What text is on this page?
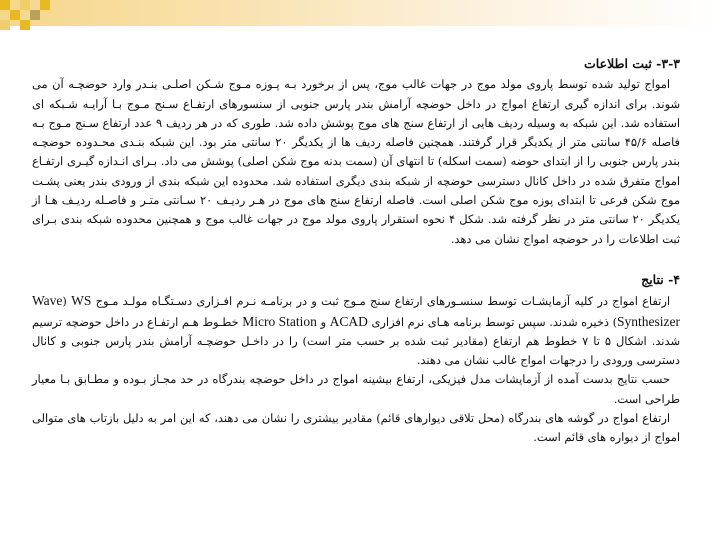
۳-۳- ثبت اطلاعات

امواج تولید شده توسط پاروی مولد موج در جهات غالب موج، پس از برخورد بـه پـوزه مـوج شـکن اصلـی بنـدر وارد حوضچـه آن می شوند. برای اندازه گیری ارتفاع امواج در داخل حوضچه آرامش بندر پارس جنوبی از سنسورهای ارتفـاع سـنج مـوج بـا آرایـه شـبکه ای استفاده شد. این شبکه به وسیله ردیف هایی از ارتفاع سنج های موج پوشش داده شد. طوری که در هر ردیف ۹ عدد ارتفاع سـنج مـوج بـه فاصله ۴۵/۶ سانتی متر از یکدیگر قرار گرفتند. همچنین فاصله ردیف ها از یکدیگر ۲۰ سانتی متر بود. این شبکه بنـدی محـدوده حوضچـه بندر پارس جنوبی را از ابتدای حوضه (سمت اسکله) تا انتهای آن (سمت بدنه موج شکن اصلی) پوشش می داد. بـرای انـدازه گیـری ارتفـاع امواج متفرق شده در داخل کانال دسترسی حوضچه از شبکه بندی دیگری استفاده شد. محدوده این شبکه بندی از ورودی بندر یعنی پشـت موج شکن فرعی تا ابتدای پوزه موج شکن اصلی است. فاصله ارتفاع سنج های موج در هـر ردیـف ۲۰ سـانتی متـر و فاصـله ردیـف هـا از یکدیگر ۲۰ سانتی متر در نظر گرفته شد. شکل ۴ نحوه استقرار پاروی مولد موج در جهات غالب موج و همچنین محدوده شبکه بندی بـرای ثبت اطلاعات را در حوضچه امواج نشان می دهد.

۴- نتایج

ارتفاع امواج در کلیه آزمایشـات توسط سنسـورهای ارتفاع سنج مـوج ثبت و در برنامـه نـرم افـزاری دسـتگـاه مولـد مـوج WS (Wave Synthesizer) ذخیره شدند. سپس توسط برنامه هـای نرم افزاری ACAD و Micro Station خطـوط هـم ارتفـاع در داخل حوضچه ترسیم شدند. اشکال ۵ تا ۷ خطوط هم ارتفاع (مقادیر ثبت شده بر حسب متر است) را در داخـل حوضچـه آرامش بندر پارس جنوبی و کانال دسترسی ورودی را درجهات امواج غالب نشان می دهند.

حسب نتایج بدست آمده از آزمایشات مدل فیزیکی، ارتفاع بیشینه امواج در داخل حوضچه بندرگاه در حد مجـاز بـوده و مطـابق بـا معیار طراحی است.

ارتفاع امواج در گوشه های بندرگاه (محل تلاقی دیوارهای قائم) مقادیر بیشتری را نشان می دهند، که این امر به دلیل بازتاب های متوالی امواج از دیواره های قائم است.
